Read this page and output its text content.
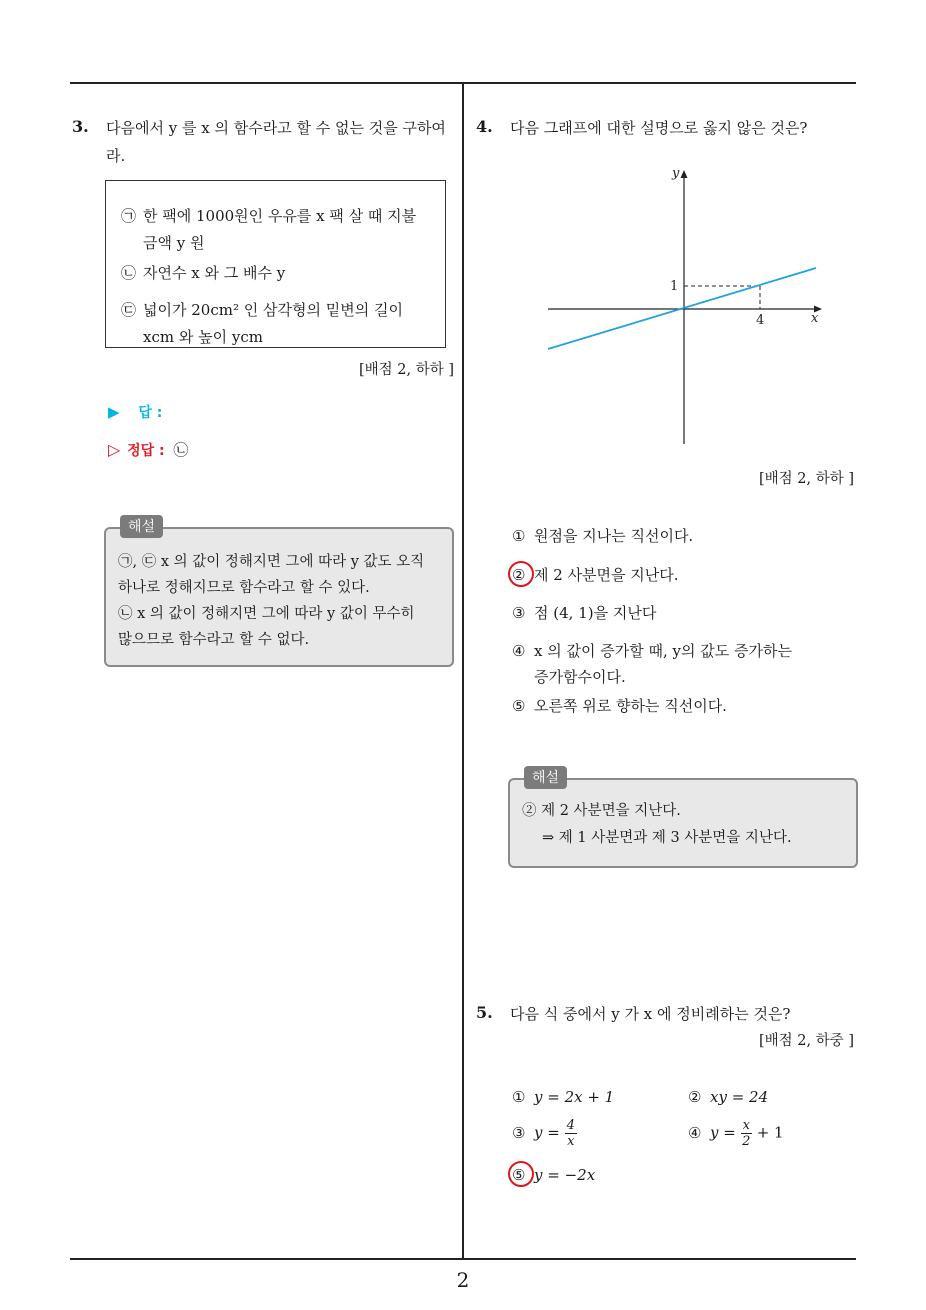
2
3. 다음에서 y 를 x 의 함수라고 할 수 없는 것을 구하여
라.
㉠ 한 팩에 1000원인 우유를 x 팩 살 때 지불
금액 y 원
㉡ 자연수 x 와 그 배수 y
㉢ 넓이가 20cm² 인 삼각형의 밑변의 길이
xcm 와 높이 ycm
[배점 2, 하하 ]
▶ 답 :
▷ 정답 : ㉡
㉠, ㉢ x 의 값이 정해지면 그에 따라 y 값도 오직
하나로 정해지므로 함수라고 할 수 있다.
㉡ x 의 값이 정해지면 그에 따라 y 값이 무수히
많으므로 함수라고 할 수 없다.
해설
4. 다음 그래프에 대한 설명으로 옳지 않은 것은?
y
x
1
4
[배점 2, 하하 ]
① 원점을 지나는 직선이다.
② 제 2 사분면을 지난다.
③ 점 (4, 1)을 지난다
④ x 의 값이 증가할 때, y의 값도 증가하는
증가함수이다.
⑤ 오른쪽 위로 향하는 직선이다.
② 제 2 사분면을 지난다.
⇒ 제 1 사분면과 제 3 사분면을 지난다.
해설
5. 다음 식 중에서 y 가 x 에 정비례하는 것은?
[배점 2, 하중 ]
① y = 2x + 1	② xy = 24
③ $y = \frac{4}{x}$	④ $y = \frac{x}{2} + 1$
⑤ y = −2x
